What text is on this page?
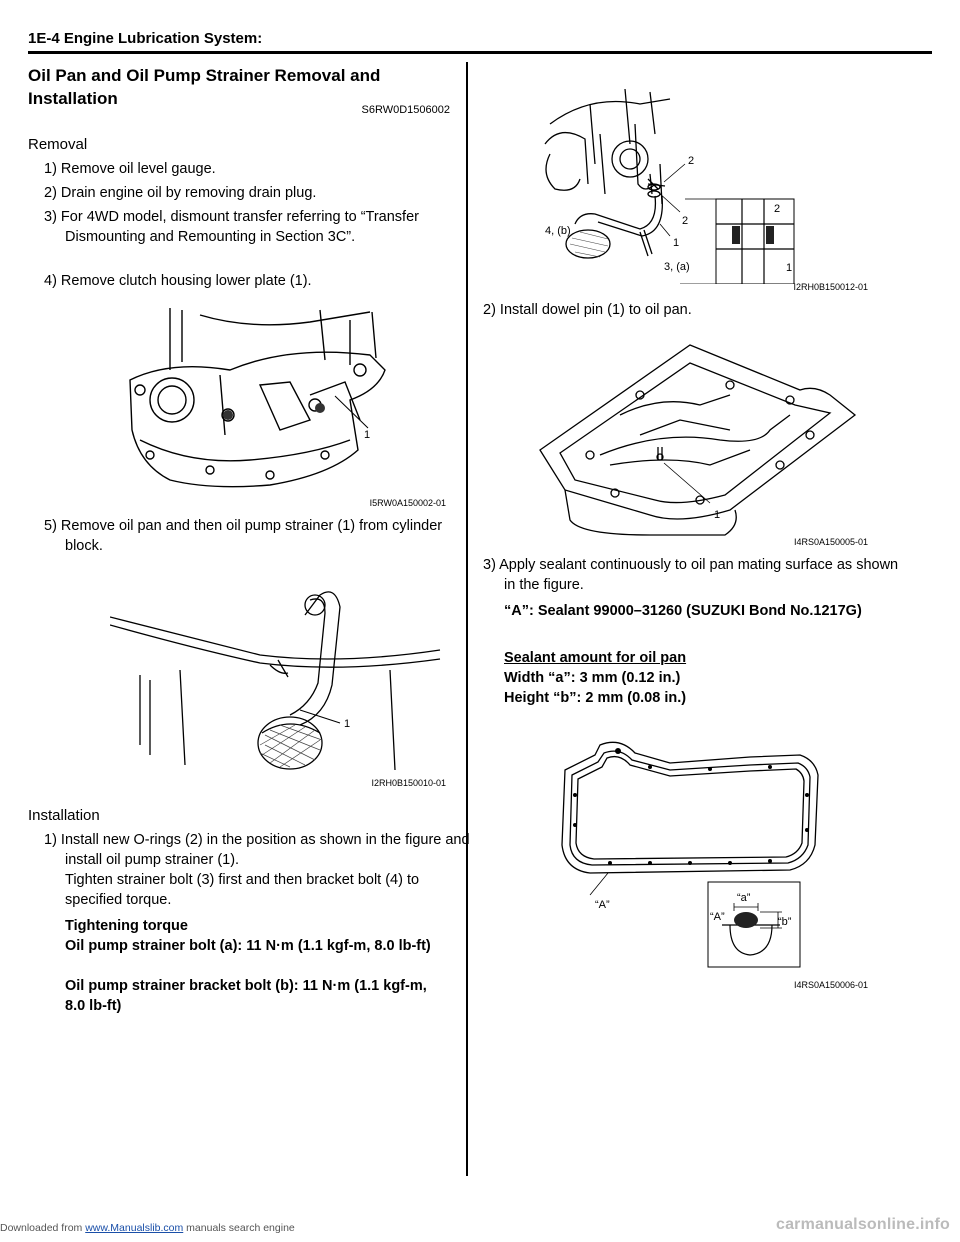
1E-4 Engine Lubrication System:
Oil Pan and Oil Pump Strainer Removal and Installation
S6RW0D1506002
Removal
1) Remove oil level gauge.
2) Drain engine oil by removing drain plug.
3) For 4WD model, dismount transfer referring to “Transfer Dismounting and Remounting in Section 3C”.
4) Remove clutch housing lower plate (1).
1
I5RW0A150002-01
5) Remove oil pan and then oil pump strainer (1) from cylinder block.
1
I2RH0B150010-01
Installation
1) Install new O-rings (2) in the position as shown in the figure and install oil pump strainer (1).
Tighten strainer bolt (3) first and then bracket bolt (4) to specified torque.
Tightening torque
Oil pump strainer bolt (a): 11 N·m (1.1 kgf-m, 8.0 lb-ft)
Oil pump strainer bracket bolt (b): 11 N·m (1.1 kgf-m, 8.0 lb-ft)
2
2
4, (b)
1
3, (a)
2
1
I2RH0B150012-01
2) Install dowel pin (1) to oil pan.
1
I4RS0A150005-01
3) Apply sealant continuously to oil pan mating surface as shown in the figure.
“A”: Sealant 99000–31260 (SUZUKI Bond No.1217G)
Sealant amount for oil pan
Width “a”: 3 mm (0.12 in.)
Height “b”: 2 mm (0.08 in.)
“A”
“a”
“A”	“b”
I4RS0A150006-01
Downloaded from www.Manualslib.com manuals search engine	carmanualsonline.info
